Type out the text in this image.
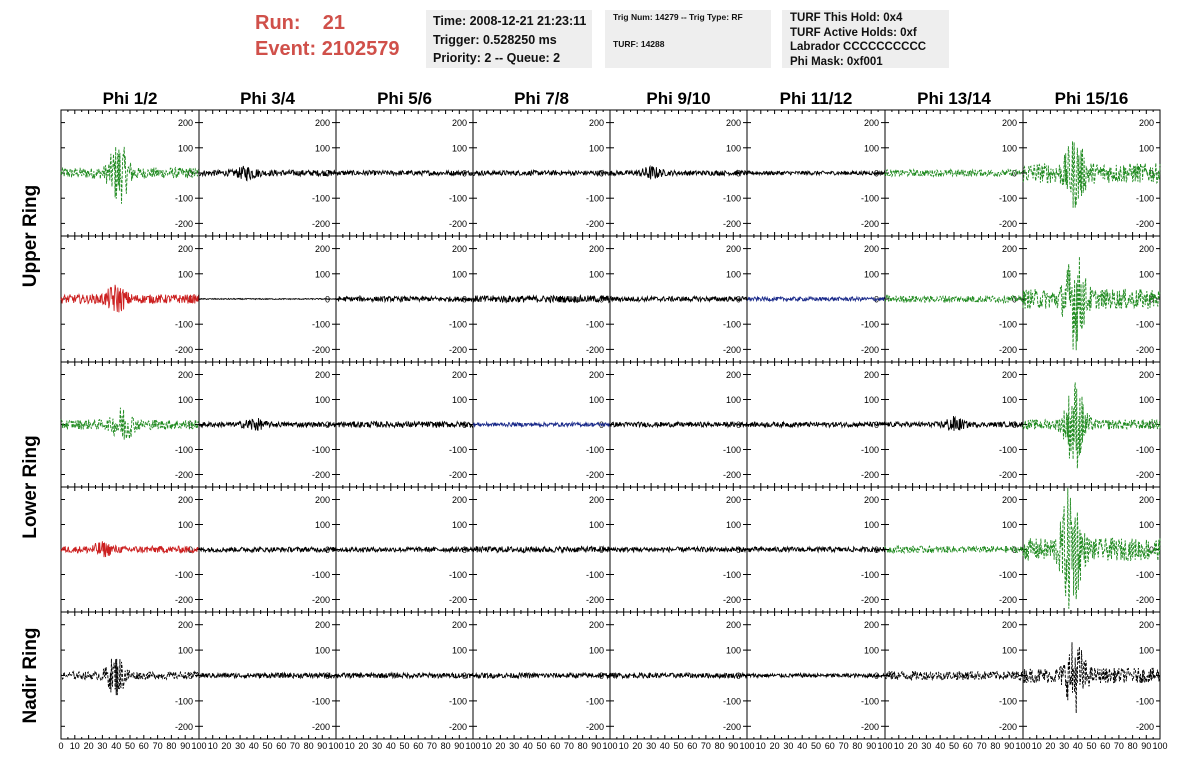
Run: 21
Event: 2102579
Time: 2008-12-21 21:23:11
Trigger: 0.528250 ms
Priority: 2 -- Queue: 2
Trig Num: 14279 -- Trig Type: RF
TURF: 14288
TURF This Hold: 0x4
TURF Active Holds: 0xf
Labrador CCCCCCCCCC
Phi Mask: 0xf001
Phi 1/2	Phi 3/4	Phi 5/6	Phi 7/8	Phi 9/10	Phi 11/12	Phi 13/14	Phi 15/16
Upper Ring
Lower Ring
Nadir Ring
200
100
0
-100
-200
200
100
0
-100
-200
200
100
0
-100
-200
200
100
0
-100
-200
200
100
0
-100
-200
200
100
0
-100
-200
200
100
0
-100
-200
200
100
0
-100
-200
200
100
0
-100
-200
200
100
0
-100
-200
200
100
0
-100
-200
200
100
0
-100
-200
200
100
0
-100
-200
200
100
0
-100
-200
200
100
0
-100
-200
200
100
0
-100
-200
200
100
0
-100
-200
200
100
0
-100
-200
200
100
0
-100
-200
200
100
0
-100
-200
200
100
0
-100
-200
200
100
0
-100
-200
200
100
0
-100
-200
200
100
0
-100
-200
200
100
0
-100
-200
200
100
0
-100
-200
200
100
0
-100
-200
200
100
0
-100
-200
200
100
0
-100
-200
200
100
0
-100
-200
200
100
0
-100
-200
200
100
0
-100
-200
200
100
0
-100
-200
200
100
0
-100
-200
200
100
0
-100
-200
200
100
0
-100
-200
200
100
0
-100
-200
200
100
0
-100
-200
200
100
0
-100
-200
200
100
0
-100
-200
0 10 20 30 40 50 60 70 80 90 100 10 20 30 40 50 60 70 80 90 100 10 20 30 40 50 60 70 80 90 100 10 20 30 40 50 60 70 80 90 100 10 20 30 40 50 60 70 80 90 100 10 20 30 40 50 60 70 80 90 100 10 20 30 40 50 60 70 80 90 100 10 20 30 40 50 60 70 80 90 100
